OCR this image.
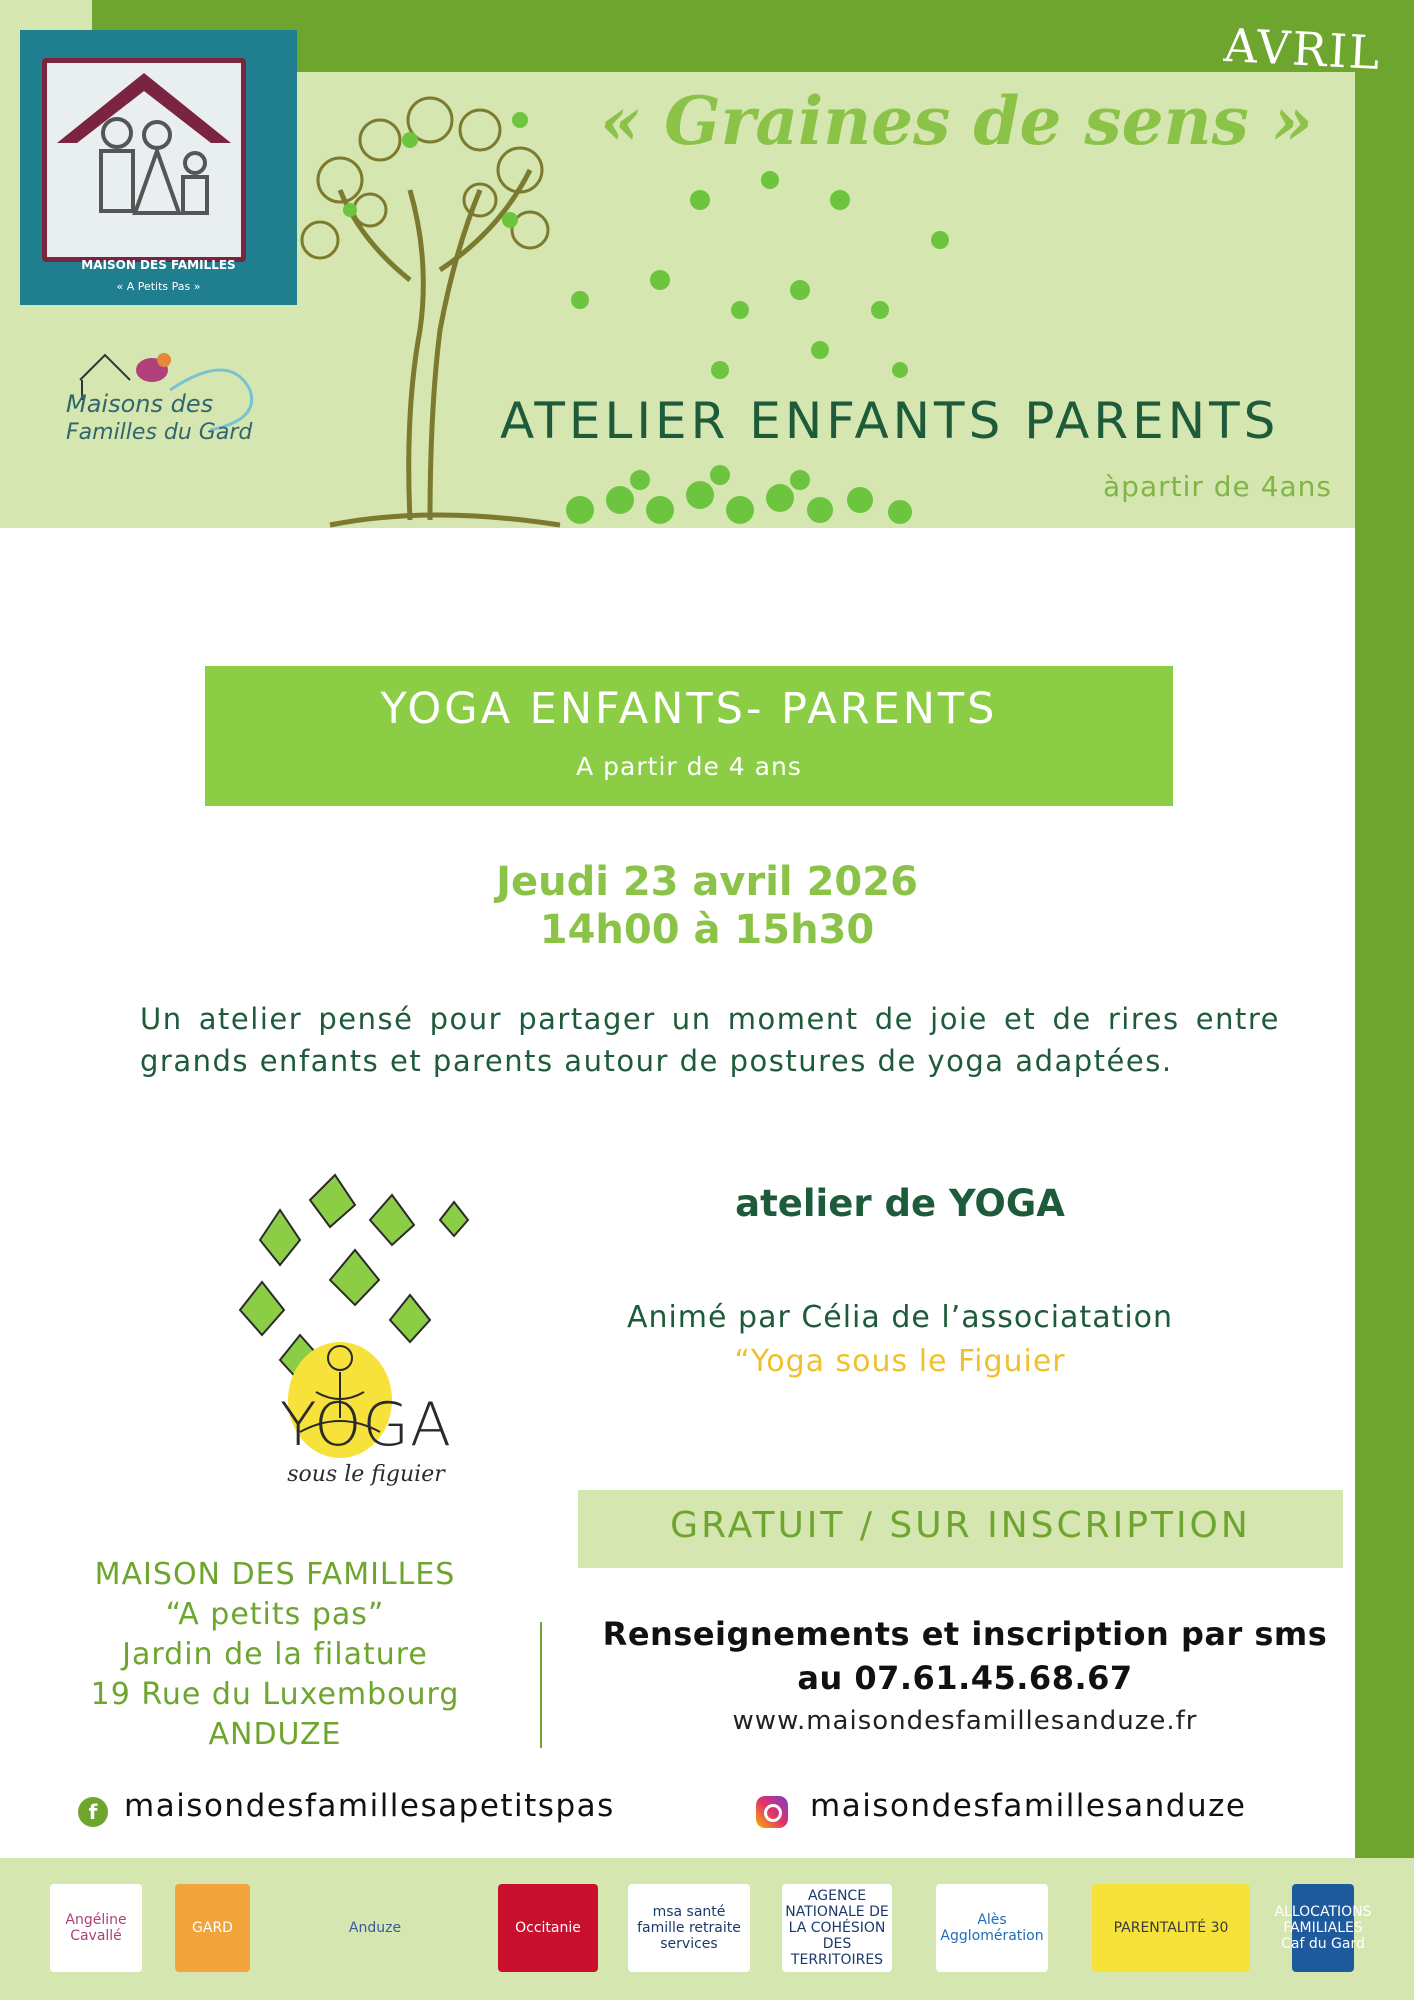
AVRIL
MAISON DES FAMILLES
« A Petits Pas »
Maisons des
Familles du Gard
« Graines de sens »
ATELIER ENFANTS PARENTS
àpartir de 4ans
YOGA ENFANTS- PARENTS
A partir de 4 ans
Jeudi 23 avril 2026
14h00 à 15h30
Un atelier pensé pour partager un moment de joie et de rires entre grands enfants et parents autour de postures de yoga adaptées.
YOGA
sous le figuier
atelier de YOGA
Animé par Célia de l’associatation
“Yoga sous le Figuier
GRATUIT / SUR INSCRIPTION
MAISON DES FAMILLES
“A petits pas”
Jardin de la filature
19 Rue du Luxembourg
ANDUZE
Renseignements et inscription par sms
au 07.61.45.68.67
www.maisondesfamillesanduze.fr
f maisondesfamillesapetitspas	maisondesfamillesanduze
Angéline Cavallé	GARD	Anduze	Occitanie
msa santé famille retraite services
AGENCE NATIONALE DE LA COHÉSION DES TERRITOIRES
Alès Agglomération	PARENTALITÉ 30
ALLOCATIONS FAMILIALES Caf du Gard
